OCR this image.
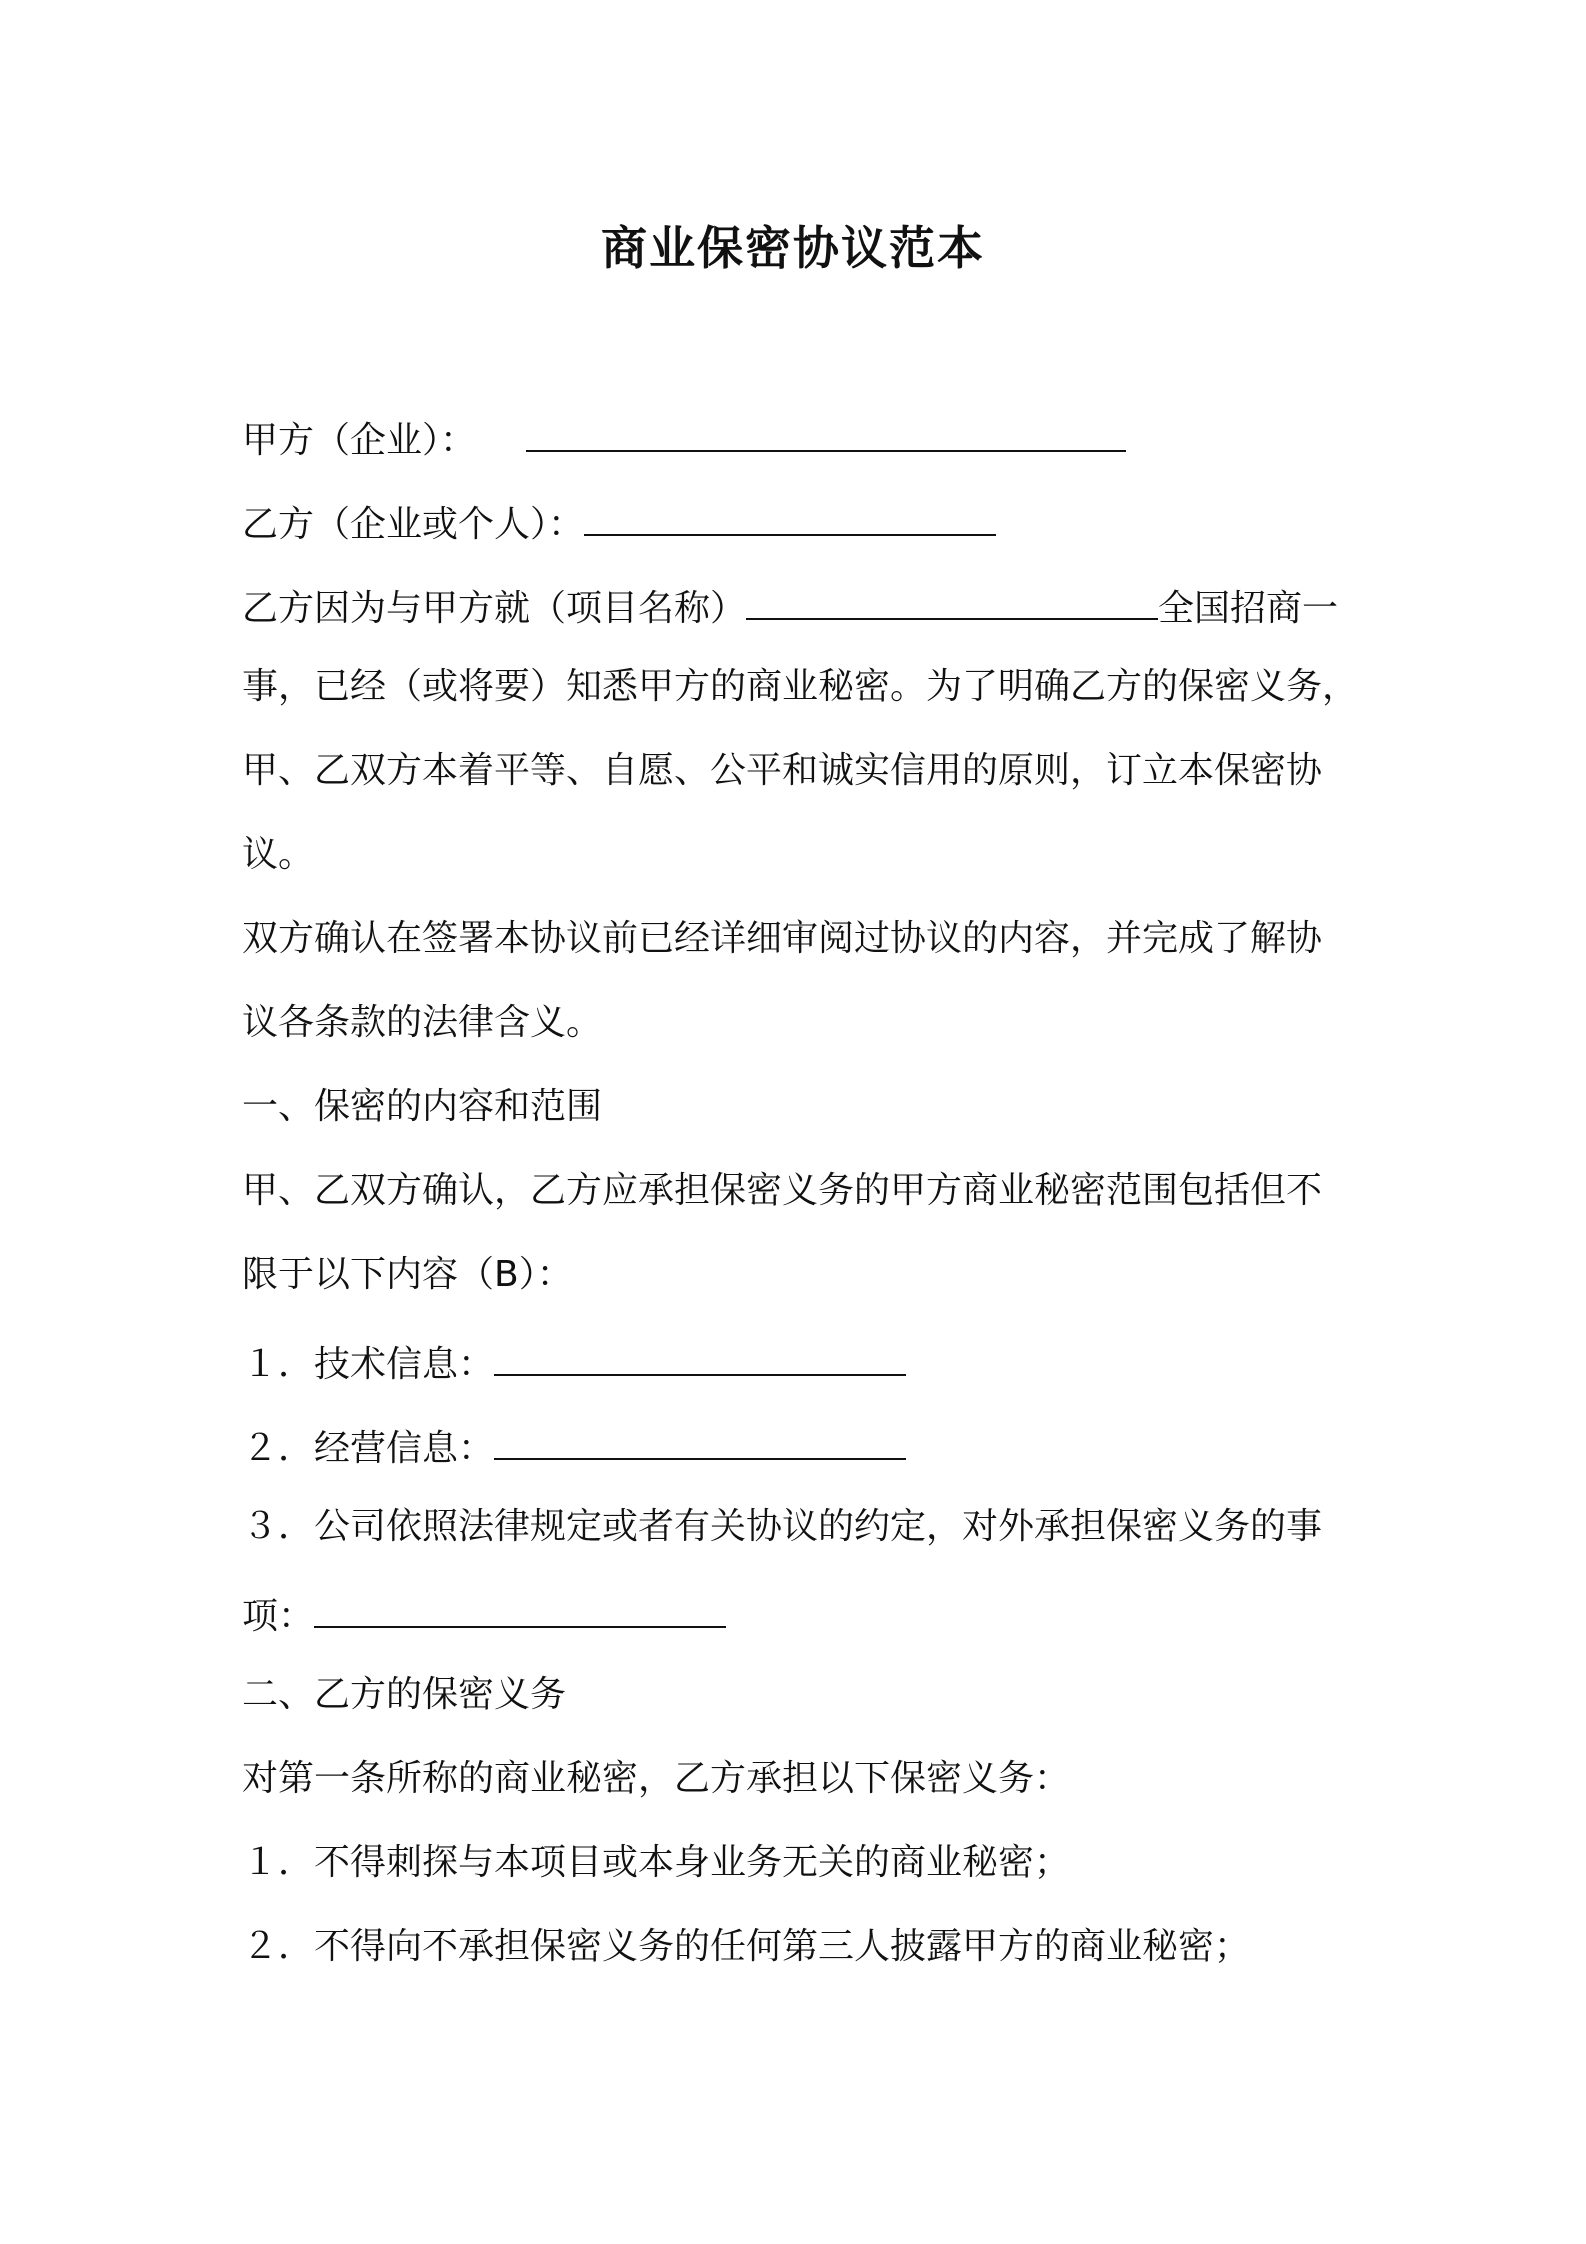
商业保密协议范本
甲方（企业）：
乙方（企业或个人）：
乙方因为与甲方就（项目名称）	全国招商一
事，已经（或将要）知悉甲方的商业秘密。为了明确乙方的保密义务，
甲、乙双方本着平等、自愿、公平和诚实信用的原则，订立本保密协
议。
双方确认在签署本协议前已经详细审阅过协议的内容，并完成了解协
议各条款的法律含义。
一、保密的内容和范围
甲、乙双方确认，乙方应承担保密义务的甲方商业秘密范围包括但不
限于以下内容（B）：
１．技术信息：
２．经营信息：
３．公司依照法律规定或者有关协议的约定，对外承担保密义务的事
项：
二、乙方的保密义务
对第一条所称的商业秘密，乙方承担以下保密义务：
１．不得刺探与本项目或本身业务无关的商业秘密；
２．不得向不承担保密义务的任何第三人披露甲方的商业秘密；
